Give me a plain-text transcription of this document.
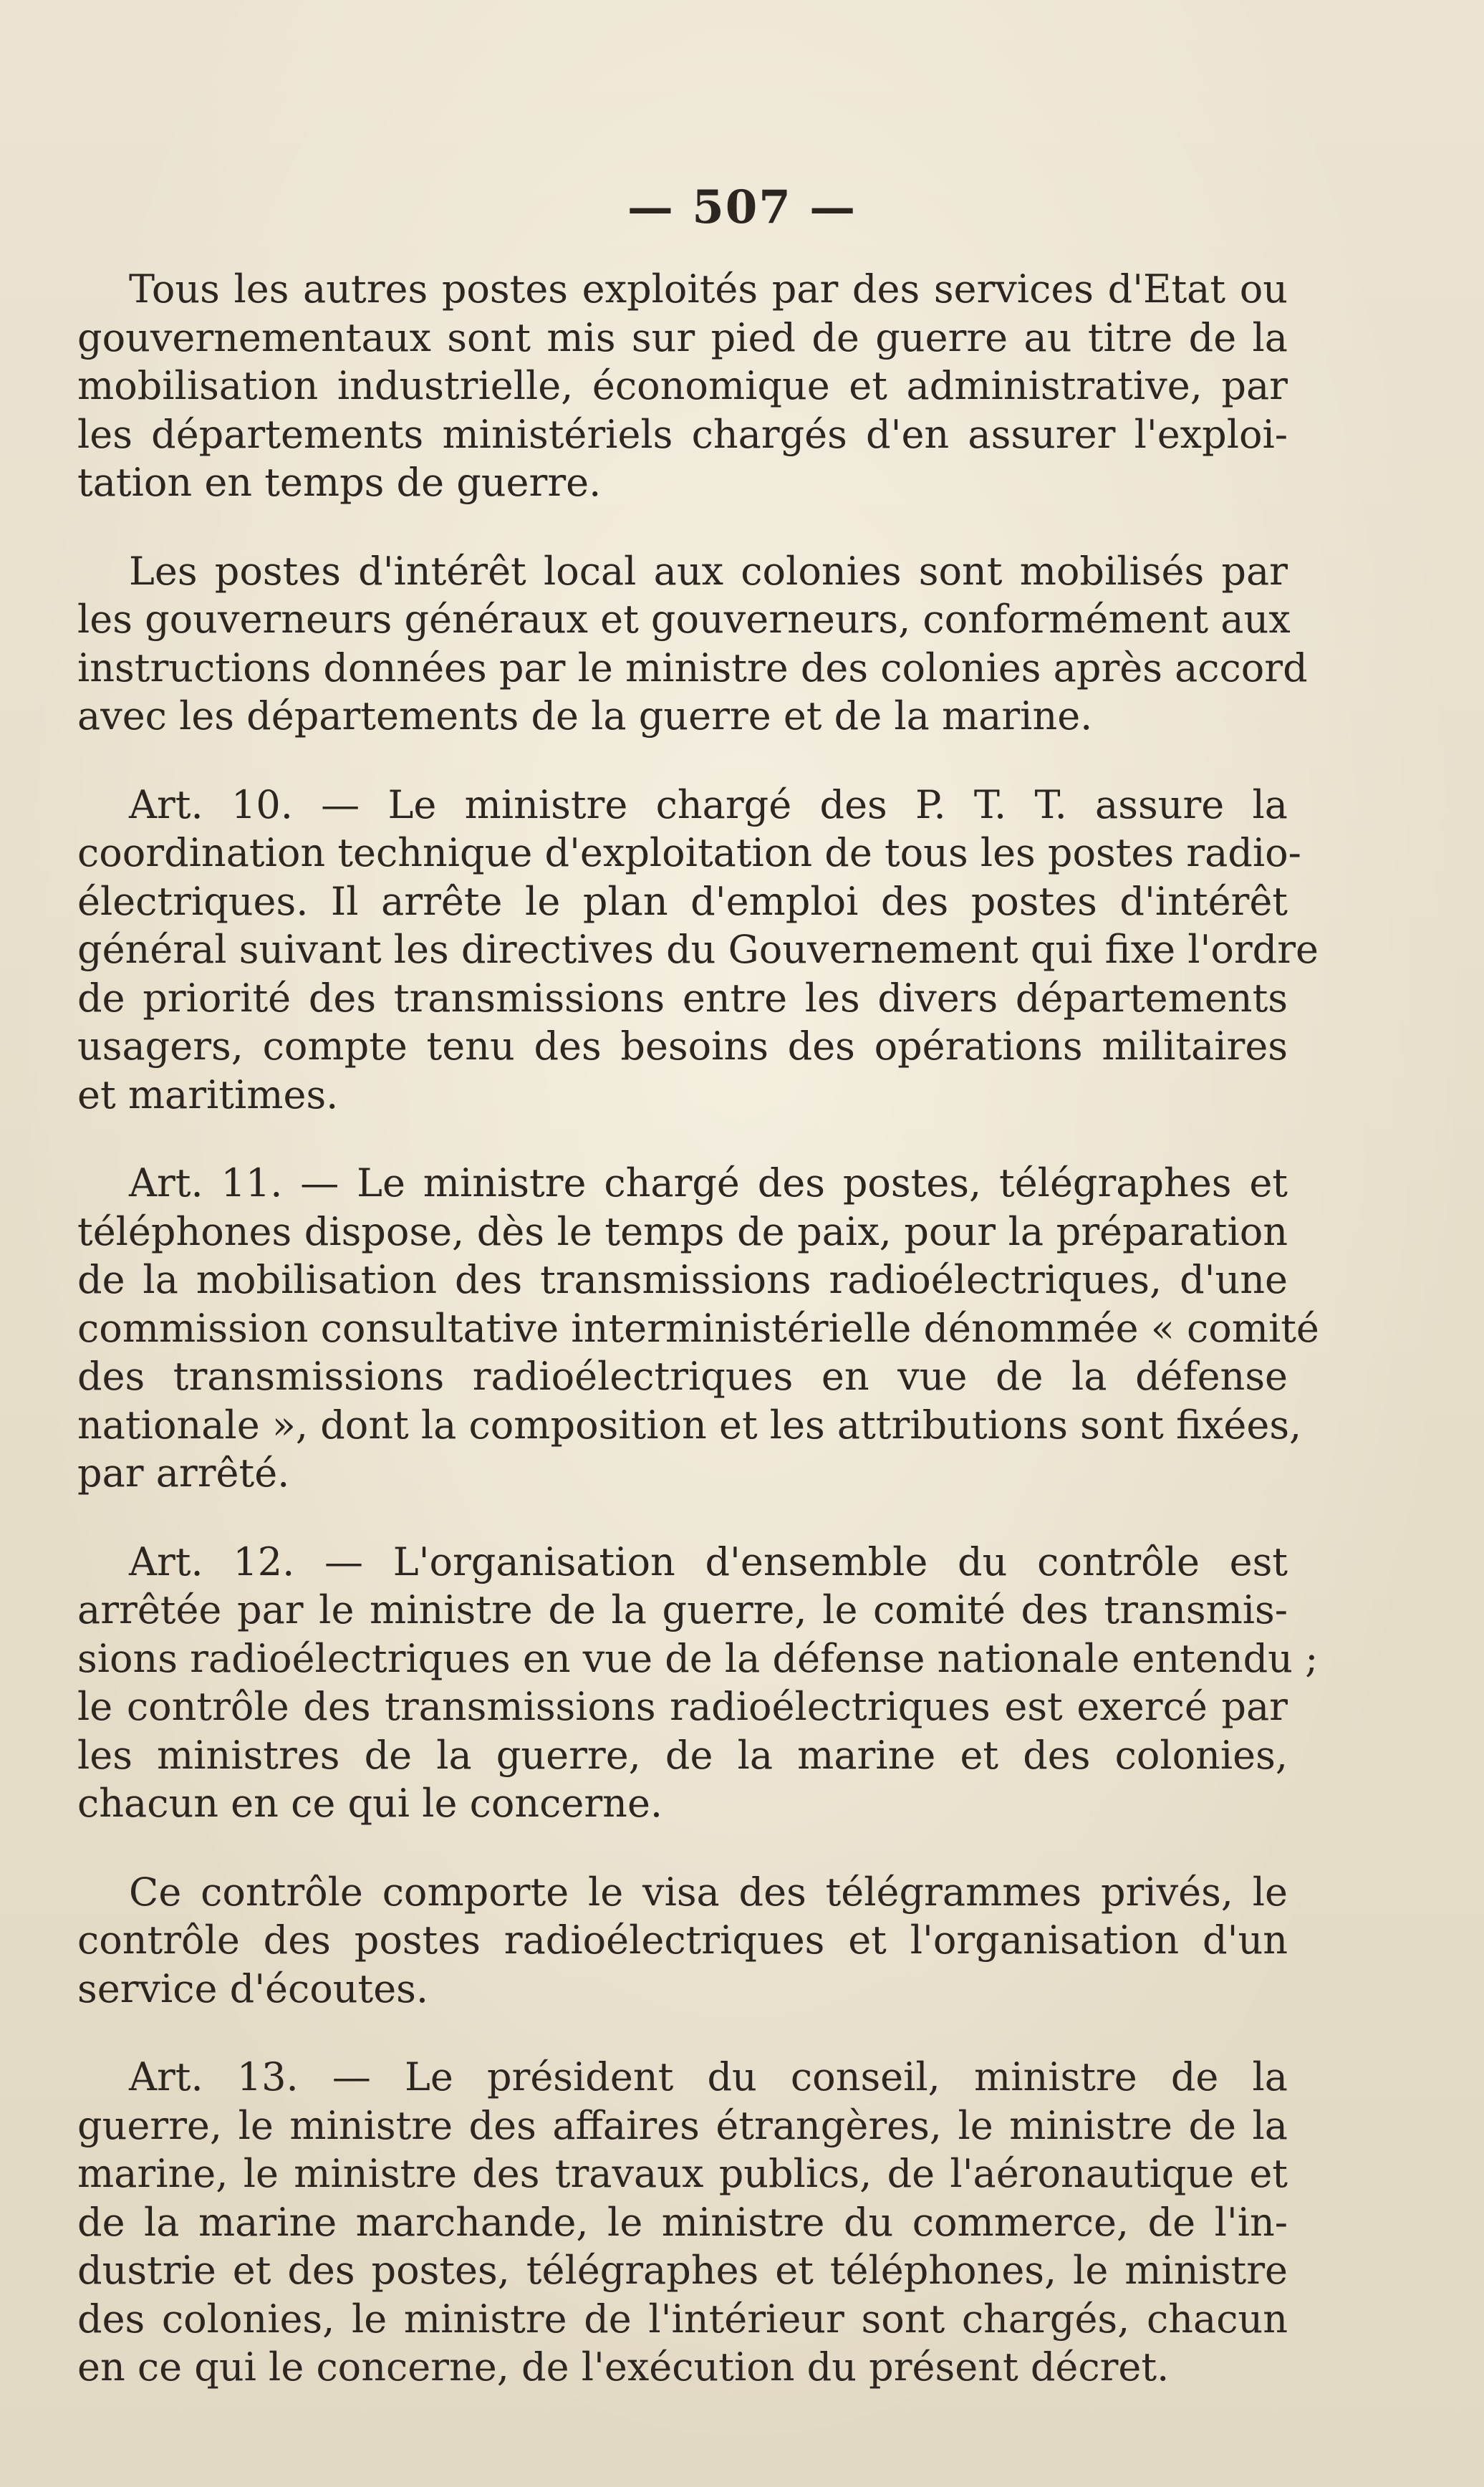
— 507 —

Tous les autres postes exploités par des services d'Etat ou
gouvernementaux sont mis sur pied de guerre au titre de la
mobilisation industrielle, économique et administrative, par
les départements ministériels chargés d'en assurer l'exploi-
tation en temps de guerre.

Les postes d'intérêt local aux colonies sont mobilisés par
les gouverneurs généraux et gouverneurs, conformément aux
instructions données par le ministre des colonies après accord
avec les départements de la guerre et de la marine.

Art. 10. — Le ministre chargé des P. T. T. assure la
coordination technique d'exploitation de tous les postes radio-
électriques. Il arrête le plan d'emploi des postes d'intérêt
général suivant les directives du Gouvernement qui fixe l'ordre
de priorité des transmissions entre les divers départements
usagers, compte tenu des besoins des opérations militaires
et maritimes.

Art. 11. — Le ministre chargé des postes, télégraphes et
téléphones dispose, dès le temps de paix, pour la préparation
de la mobilisation des transmissions radioélectriques, d'une
commission consultative interministérielle dénommée « comité
des transmissions radioélectriques en vue de la défense
nationale », dont la composition et les attributions sont fixées,
par arrêté.

Art. 12. — L'organisation d'ensemble du contrôle est
arrêtée par le ministre de la guerre, le comité des transmis-
sions radioélectriques en vue de la défense nationale entendu ;
le contrôle des transmissions radioélectriques est exercé par
les ministres de la guerre, de la marine et des colonies,
chacun en ce qui le concerne.

Ce contrôle comporte le visa des télégrammes privés, le
contrôle des postes radioélectriques et l'organisation d'un
service d'écoutes.

Art. 13. — Le président du conseil, ministre de la
guerre, le ministre des affaires étrangères, le ministre de la
marine, le ministre des travaux publics, de l'aéronautique et
de la marine marchande, le ministre du commerce, de l'in-
dustrie et des postes, télégraphes et téléphones, le ministre
des colonies, le ministre de l'intérieur sont chargés, chacun
en ce qui le concerne, de l'exécution du présent décret.
